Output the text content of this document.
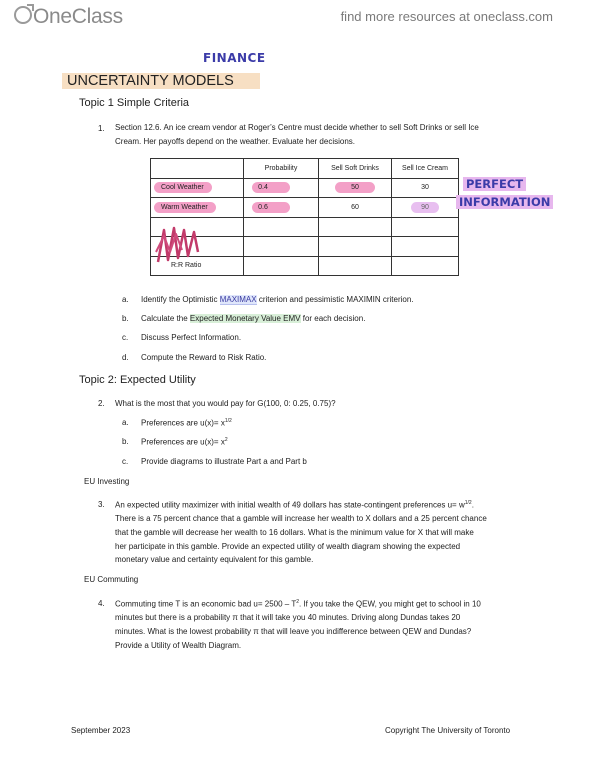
OneClass	find more resources at oneclass.com
FINANCE
UNCERTAINTY MODELS
Topic 1 Simple Criteria
1. Section 12.6. An ice cream vendor at Roger’s Centre must decide whether to sell Soft Drinks or sell Ice
Cream. Her payoffs depend on the weather. Evaluate her decisions.
	Probability	Sell Soft Drinks	Sell Ice Cream
Cool Weather	0.4	50	30
Warm Weather	0.6	60	90

R:R Ratio			
PERFECT
INFORMATION
a. Identify the Optimistic MAXIMAX criterion and pessimistic MAXIMIN criterion.
b. Calculate the Expected Monetary Value EMV for each decision.
c. Discuss Perfect Information.
d. Compute the Reward to Risk Ratio.
Topic 2: Expected Utility
2. What is the most that you would pay for G(100, 0: 0.25, 0.75)?
a. Preferences are $u(x)= x^{1/2}$
b. Preferences are $u(x)= x^2$
c. Provide diagrams to illustrate Part a and Part b
EU Investing
3. An expected utility maximizer with initial wealth of 49 dollars has state-contingent preferences $u= w^{1/2}$.
There is a 75 percent chance that a gamble will increase her wealth to X dollars and a 25 percent chance
that the gamble will decrease her wealth to 16 dollars. What is the minimum value for X that will make
her participate in this gamble. Provide an expected utility of wealth diagram showing the expected
monetary value and certainty equivalent for this gamble.
EU Commuting
4. Commuting time T is an economic bad $u= 2500 - T^2$. If you take the QEW, you might get to school in 10
minutes but there is a probability π that it will take you 40 minutes. Driving along Dundas takes 20
minutes. What is the lowest probability π that will leave you indifference between QEW and Dundas?
Provide a Utility of Wealth Diagram.
September 2023	Copyright The University of Toronto
